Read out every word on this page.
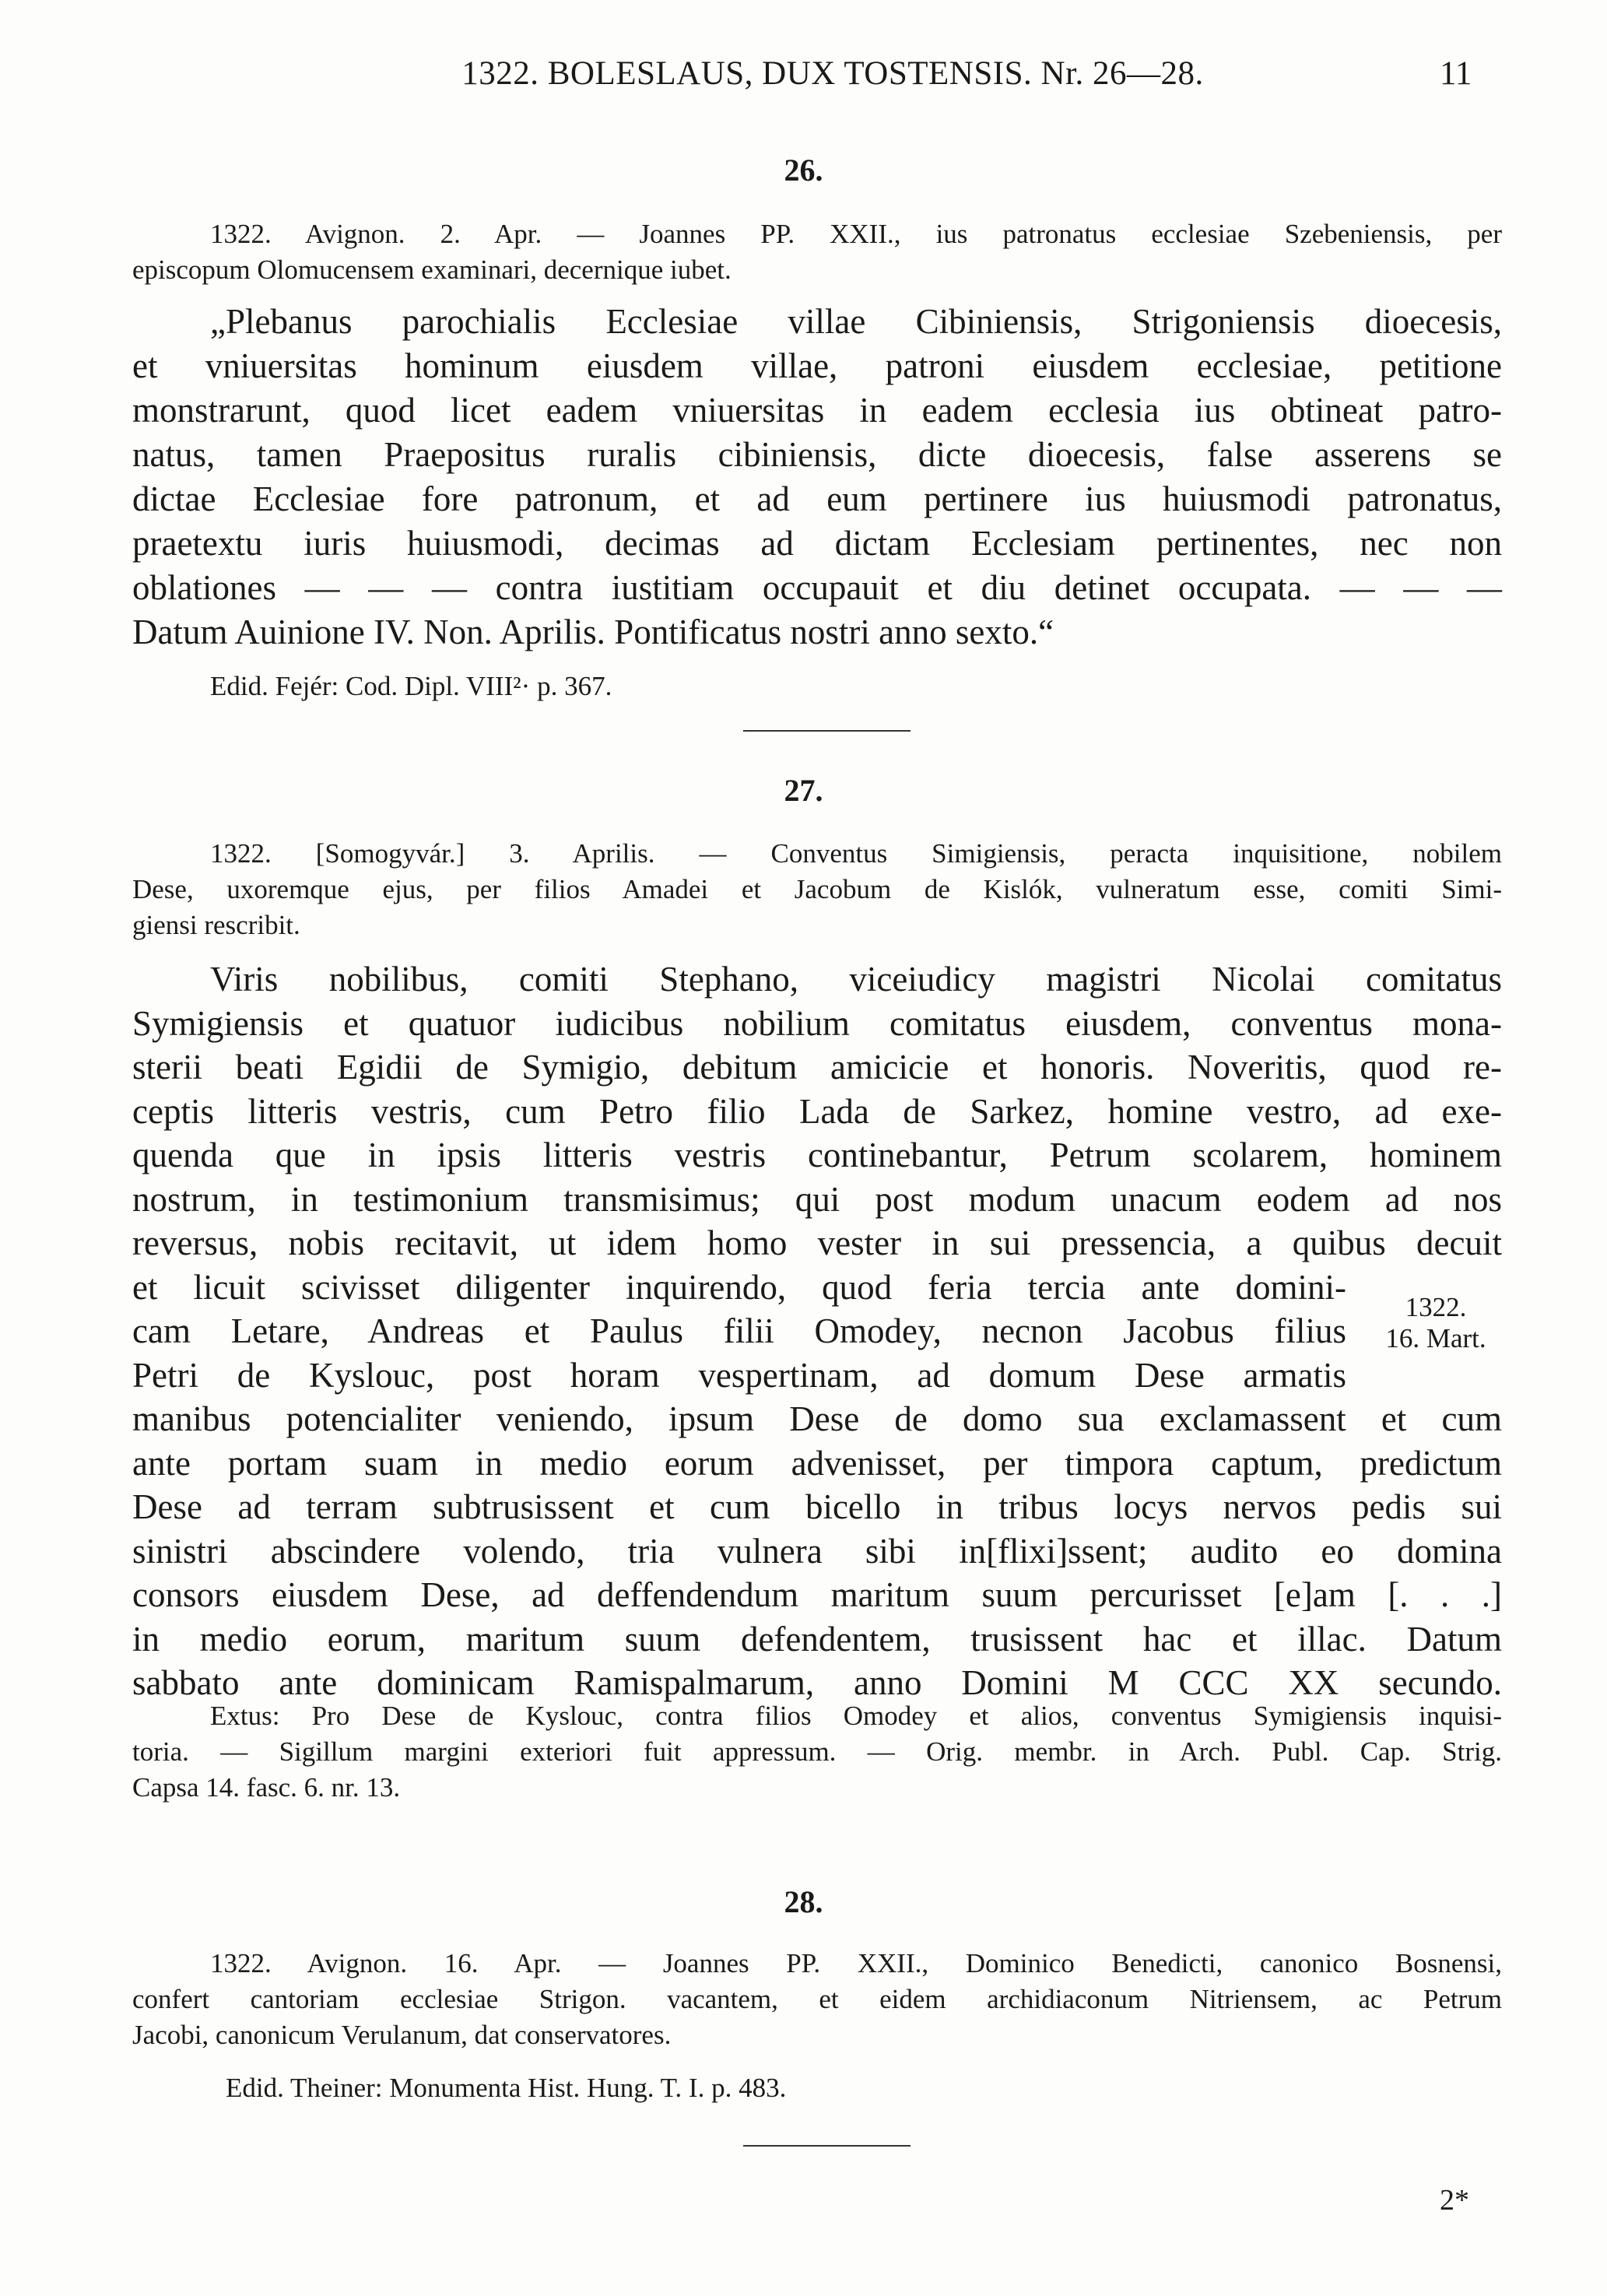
1322. BOLESLAUS, DUX TOSTENSIS. Nr. 26—28.	11
26.
1322. Avignon. 2. Apr. — Joannes PP. XXII., ius patronatus ecclesiae Szebeniensis, per
episcopum Olomucensem examinari, decernique iubet.
„Plebanus parochialis Ecclesiae villae Cibiniensis, Strigoniensis dioecesis,
et vniuersitas hominum eiusdem villae, patroni eiusdem ecclesiae, petitione
monstrarunt, quod licet eadem vniuersitas in eadem ecclesia ius obtineat patro-
natus, tamen Praepositus ruralis cibiniensis, dicte dioecesis, false asserens se
dictae Ecclesiae fore patronum, et ad eum pertinere ius huiusmodi patronatus,
praetextu iuris huiusmodi, decimas ad dictam Ecclesiam pertinentes, nec non
oblationes — — — contra iustitiam occupauit et diu detinet occupata. — — —
Datum Auinione IV. Non. Aprilis. Pontificatus nostri anno sexto.“
Edid. Fejér: Cod. Dipl. VIII²· p. 367.
27.
1322. [Somogyvár.] 3. Aprilis. — Conventus Simigiensis, peracta inquisitione, nobilem
Dese, uxoremque ejus, per filios Amadei et Jacobum de Kislók, vulneratum esse, comiti Simi-
giensi rescribit.
Viris nobilibus, comiti Stephano, viceiudicy magistri Nicolai comitatus
Symigiensis et quatuor iudicibus nobilium comitatus eiusdem, conventus mona-
sterii beati Egidii de Symigio, debitum amicicie et honoris. Noveritis, quod re-
ceptis litteris vestris, cum Petro filio Lada de Sarkez, homine vestro, ad exe-
quenda que in ipsis litteris vestris continebantur, Petrum scolarem, hominem
nostrum, in testimonium transmisimus; qui post modum unacum eodem ad nos
reversus, nobis recitavit, ut idem homo vester in sui pressencia, a quibus decuit
et licuit scivisset diligenter inquirendo, quod feria tercia ante domini-
cam Letare, Andreas et Paulus filii Omodey, necnon Jacobus filius
Petri de Kyslouc, post horam vespertinam, ad domum Dese armatis
manibus potencialiter veniendo, ipsum Dese de domo sua exclamassent et cum
ante portam suam in medio eorum advenisset, per timpora captum, predictum
Dese ad terram subtrusissent et cum bicello in tribus locys nervos pedis sui
sinistri abscindere volendo, tria vulnera sibi in[flixi]ssent; audito eo domina
consors eiusdem Dese, ad deffendendum maritum suum percurisset [e]am [. . .]
in medio eorum, maritum suum defendentem, trusissent hac et illac. Datum
sabbato ante dominicam Ramispalmarum, anno Domini M CCC XX secundo.
1322.
16. Mart.
Extus: Pro Dese de Kyslouc, contra filios Omodey et alios, conventus Symigiensis inquisi-
toria. — Sigillum margini exteriori fuit appressum. — Orig. membr. in Arch. Publ. Cap. Strig.
Capsa 14. fasc. 6. nr. 13.
28.
1322. Avignon. 16. Apr. — Joannes PP. XXII., Dominico Benedicti, canonico Bosnensi,
confert cantoriam ecclesiae Strigon. vacantem, et eidem archidiaconum Nitriensem, ac Petrum
Jacobi, canonicum Verulanum, dat conservatores.
Edid. Theiner: Monumenta Hist. Hung. T. I. p. 483.
2*
